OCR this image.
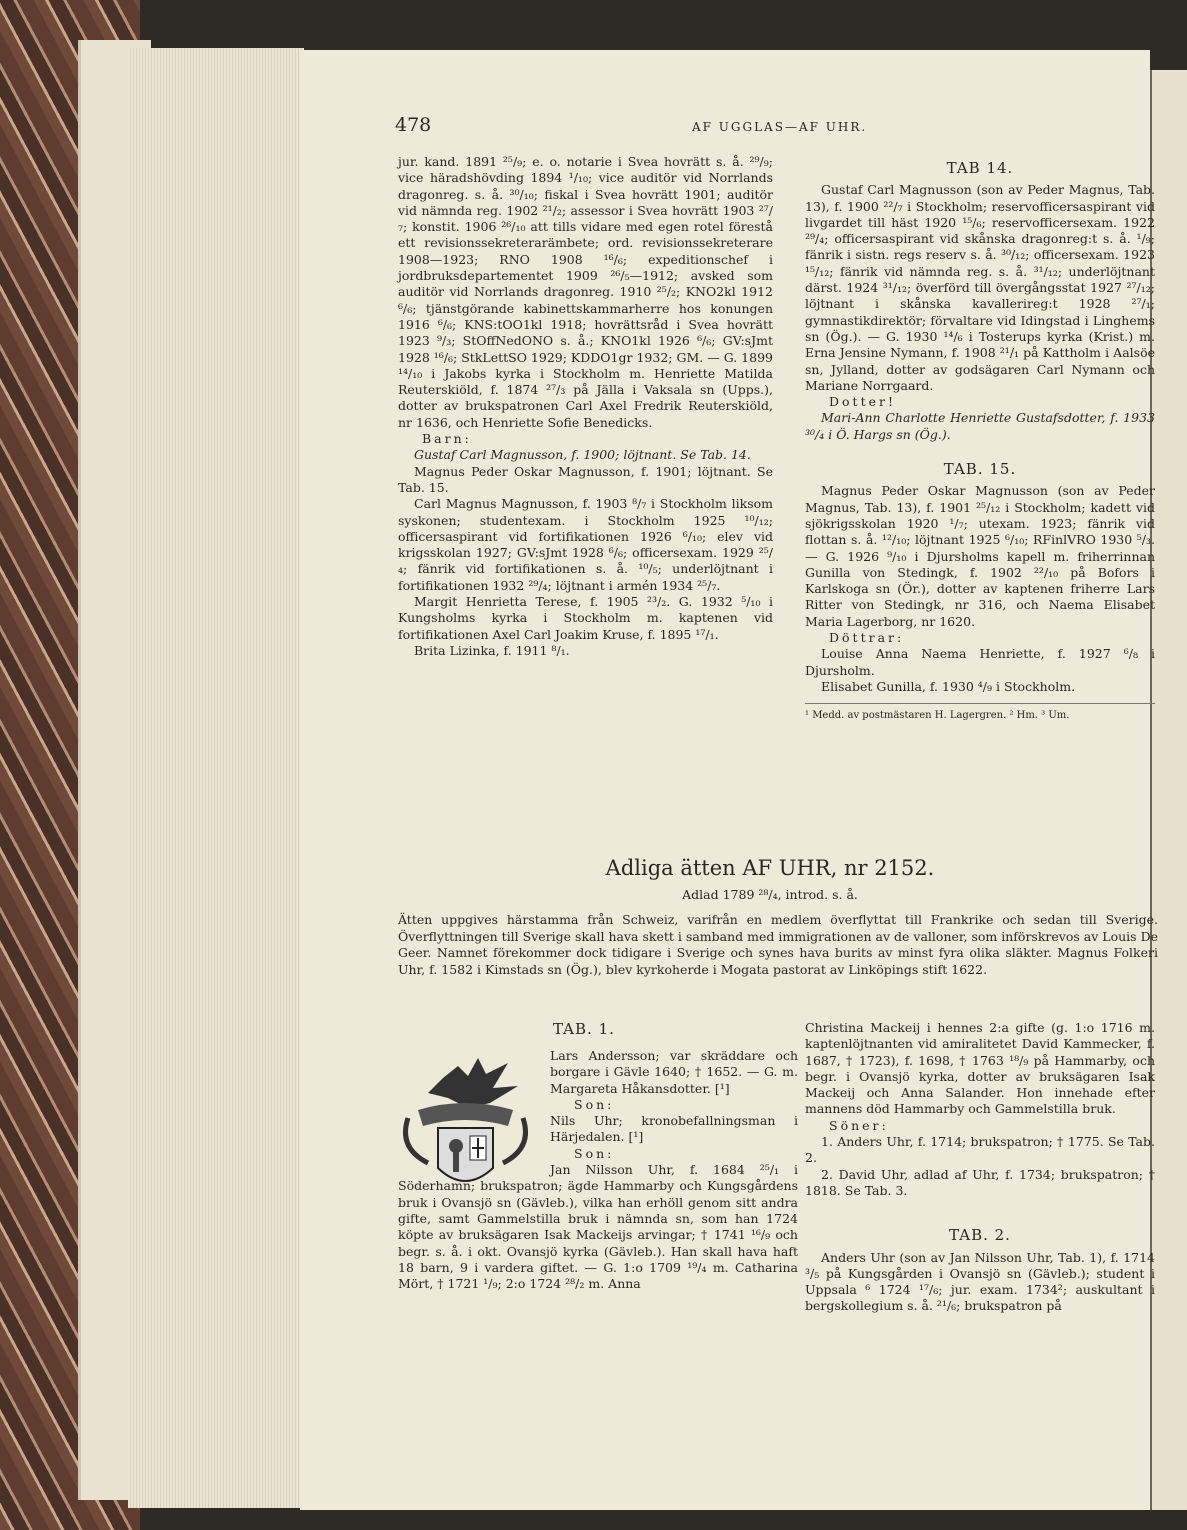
478	AF UGGLAS—AF UHR.

jur. kand. 1891 ²⁵/₉; e. o. notarie i Svea hovrätt s. å. ²⁹/₉; vice häradshövding 1894 ¹/₁₀; vice auditör vid Norrlands dragonreg. s. å. ³⁰/₁₀; fiskal i Svea hovrätt 1901; auditör vid nämnda reg. 1902 ²¹/₂; assessor i Svea hovrätt 1903 ²⁷/₇; konstit. 1906 ²⁶/₁₀ att tills vidare med egen rotel förestå ett revisionssekreterarämbete; ord. revisionssekreterare 1908—1923; RNO 1908 ¹⁶/₆; expeditionschef i jordbruksdepartementet 1909 ²⁶/₅—1912; avsked som auditör vid Norrlands dragonreg. 1910 ²⁵/₂; KNO2kl 1912 ⁶/₆; tjänstgörande kabinettskammarherre hos konungen 1916 ⁶/₆; KNS:tOO1kl 1918; hovrättsråd i Svea hovrätt 1923 ⁹/₃; StOffNedONO s. å.; KNO1kl 1926 ⁶/₆; GV:sJmt 1928 ¹⁶/₆; StkLettSO 1929; KDDO1gr 1932; GM. — G. 1899 ¹⁴/₁₀ i Jakobs kyrka i Stockholm m. Henriette Matilda Reuterskiöld, f. 1874 ²⁷/₃ på Jälla i Vaksala sn (Upps.), dotter av brukspatronen Carl Axel Fredrik Reuterskiöld, nr 1636, och Henriette Sofie Benedicks.

Barn:

Gustaf Carl Magnusson, f. 1900; löjtnant. Se Tab. 14.

Magnus Peder Oskar Magnusson, f. 1901; löjtnant. Se Tab. 15.

Carl Magnus Magnusson, f. 1903 ⁸/₇ i Stockholm liksom syskonen; studentexam. i Stockholm 1925 ¹⁰/₁₂; officersaspirant vid fortifikationen 1926 ⁶/₁₀; elev vid krigsskolan 1927; GV:sJmt 1928 ⁶/₆; officersexam. 1929 ²⁵/₄; fänrik vid fortifikationen s. å. ¹⁰/₅; underlöjtnant i fortifikationen 1932 ²⁹/₄; löjtnant i armén 1934 ²⁵/₇.

Margit Henrietta Terese, f. 1905 ²³/₂. G. 1932 ⁵/₁₀ i Kungsholms kyrka i Stockholm m. kaptenen vid fortifikationen Axel Carl Joakim Kruse, f. 1895 ¹⁷/₁.

Brita Lizinka, f. 1911 ⁸/₁.

TAB 14.

Gustaf Carl Magnusson (son av Peder Magnus, Tab. 13), f. 1900 ²²/₇ i Stockholm; reservofficersaspirant vid livgardet till häst 1920 ¹⁵/₆; reservofficersexam. 1922 ²⁹/₄; officersaspirant vid skånska dragonreg:t s. å. ¹/₉; fänrik i sistn. regs reserv s. å. ³⁰/₁₂; officersexam. 1923 ¹⁵/₁₂; fänrik vid nämnda reg. s. å. ³¹/₁₂; underlöjtnant därst. 1924 ³¹/₁₂; överförd till övergångsstat 1927 ²⁷/₁₂; löjtnant i skånska kavallerireg:t 1928 ²⁷/₁; gymnastikdirektör; förvaltare vid Idingstad i Linghems sn (Ög.). — G. 1930 ¹⁴/₆ i Tosterups kyrka (Krist.) m. Erna Jensine Nymann, f. 1908 ²¹/₁ på Kattholm i Aalsöe sn, Jylland, dotter av godsägaren Carl Nymann och Mariane Norrgaard.

Dotter!

Mari-Ann Charlotte Henriette Gustafsdotter, f. 1933 ³⁰/₄ i Ö. Hargs sn (Ög.).

TAB. 15.

Magnus Peder Oskar Magnusson (son av Peder Magnus, Tab. 13), f. 1901 ²⁵/₁₂ i Stockholm; kadett vid sjökrigsskolan 1920 ¹/₇; utexam. 1923; fänrik vid flottan s. å. ¹²/₁₀; löjtnant 1925 ⁶/₁₀; RFinlVRO 1930 ⁵/₃. — G. 1926 ⁹/₁₀ i Djursholms kapell m. friherrinnan Gunilla von Stedingk, f. 1902 ²²/₁₀ på Bofors i Karlskoga sn (Ör.), dotter av kaptenen friherre Lars Ritter von Stedingk, nr 316, och Naema Elisabet Maria Lagerborg, nr 1620.

Döttrar:

Louise Anna Naema Henriette, f. 1927 ⁶/₈ i Djursholm.

Elisabet Gunilla, f. 1930 ⁴/₉ i Stockholm.

¹ Medd. av postmästaren H. Lagergren. ² Hm. ³ Um.

Adliga ätten AF UHR, nr 2152.
Adlad 1789 ²⁸/₄, introd. s. å.

Ätten uppgives härstamma från Schweiz, varifrån en medlem överflyttat till Frankrike och sedan till Sverige. Överflyttningen till Sverige skall hava skett i samband med immigrationen av de valloner, som införskrevos av Louis De Geer. Namnet förekommer dock tidigare i Sverige och synes hava burits av minst fyra olika släkter. Magnus Folkeri Uhr, f. 1582 i Kimstads sn (Ög.), blev kyrkoherde i Mogata pastorat av Linköpings stift 1622.

TAB. 1.

Lars Andersson; var skräddare och borgare i Gävle 1640; † 1652. — G. m. Margareta Håkansdotter. [¹]

Son:

Nils Uhr; kronobefallningsman i Härjedalen. [¹]

Son:

Jan Nilsson Uhr, f. 1684 ²⁵/₁ i Söderhamn; brukspatron; ägde Hammarby och Kungsgårdens bruk i Ovansjö sn (Gävleb.), vilka han erhöll genom sitt andra gifte, samt Gammelstilla bruk i nämnda sn, som han 1724 köpte av bruksägaren Isak Mackeijs arvingar; † 1741 ¹⁶/₉ och begr. s. å. i okt. Ovansjö kyrka (Gävleb.). Han skall hava haft 18 barn, 9 i vardera giftet. — G. 1:o 1709 ¹⁹/₄ m. Catharina Mört, † 1721 ¹/₉; 2:o 1724 ²⁸/₂ m. Anna

Christina Mackeij i hennes 2:a gifte (g. 1:o 1716 m. kaptenlöjtnanten vid amiralitetet David Kammecker, f. 1687, † 1723), f. 1698, † 1763 ¹⁸/₉ på Hammarby, och begr. i Ovansjö kyrka, dotter av bruksägaren Isak Mackeij och Anna Salander. Hon innehade efter mannens död Hammarby och Gammelstilla bruk.

Söner:

1. Anders Uhr, f. 1714; brukspatron; † 1775. Se Tab. 2.

2. David Uhr, adlad af Uhr, f. 1734; brukspatron; † 1818. Se Tab. 3.

TAB. 2.

Anders Uhr (son av Jan Nilsson Uhr, Tab. 1), f. 1714 ³/₅ på Kungsgården i Ovansjö sn (Gävleb.); student i Uppsala ⁶ 1724 ¹⁷/₆; jur. exam. 1734²; auskultant i bergskollegium s. å. ²¹/₆; brukspatron på
